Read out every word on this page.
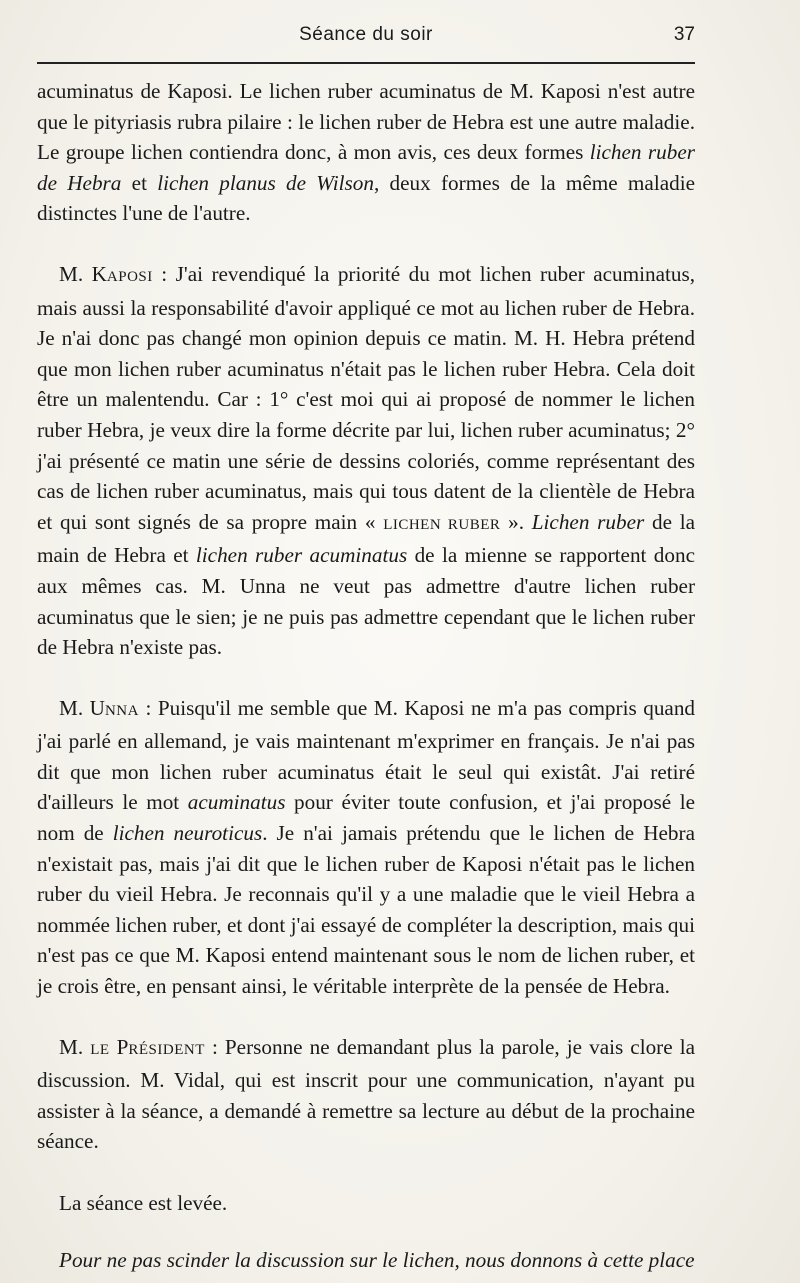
Séance du soir	37

acuminatus de Kaposi. Le lichen ruber acuminatus de M. Kaposi n'est autre que le pityriasis rubra pilaire : le lichen ruber de Hebra est une autre maladie. Le groupe lichen contiendra donc, à mon avis, ces deux formes lichen ruber de Hebra et lichen planus de Wilson, deux formes de la même maladie distinctes l'une de l'autre.

M. KAPOSI : J'ai revendiqué la priorité du mot lichen ruber acuminatus, mais aussi la responsabilité d'avoir appliqué ce mot au lichen ruber de Hebra. Je n'ai donc pas changé mon opinion depuis ce matin. M. H. Hebra prétend que mon lichen ruber acuminatus n'était pas le lichen ruber Hebra. Cela doit être un malentendu. Car : 1° c'est moi qui ai proposé de nommer le lichen ruber Hebra, je veux dire la forme décrite par lui, lichen ruber acuminatus; 2° j'ai présenté ce matin une série de dessins coloriés, comme représentant des cas de lichen ruber acuminatus, mais qui tous datent de la clientèle de Hebra et qui sont signés de sa propre main « LICHEN RUBER ». Lichen ruber de la main de Hebra et lichen ruber acuminatus de la mienne se rapportent donc aux mêmes cas. M. Unna ne veut pas admettre d'autre lichen ruber acuminatus que le sien; je ne puis pas admettre cependant que le lichen ruber de Hebra n'existe pas.

M. UNNA : Puisqu'il me semble que M. Kaposi ne m'a pas compris quand j'ai parlé en allemand, je vais maintenant m'exprimer en français. Je n'ai pas dit que mon lichen ruber acuminatus était le seul qui existât. J'ai retiré d'ailleurs le mot acuminatus pour éviter toute confusion, et j'ai proposé le nom de lichen neuroticus. Je n'ai jamais prétendu que le lichen de Hebra n'existait pas, mais j'ai dit que le lichen ruber de Kaposi n'était pas le lichen ruber du vieil Hebra. Je reconnais qu'il y a une maladie que le vieil Hebra a nommée lichen ruber, et dont j'ai essayé de compléter la description, mais qui n'est pas ce que M. Kaposi entend maintenant sous le nom de lichen ruber, et je crois être, en pensant ainsi, le véritable interprète de la pensée de Hebra.

M. LE PRÉSIDENT : Personne ne demandant plus la parole, je vais clore la discussion. M. Vidal, qui est inscrit pour une communication, n'ayant pu assister à la séance, a demandé à remettre sa lecture au début de la prochaine séance.

La séance est levée.

Pour ne pas scinder la discussion sur le lichen, nous donnons à cette place
